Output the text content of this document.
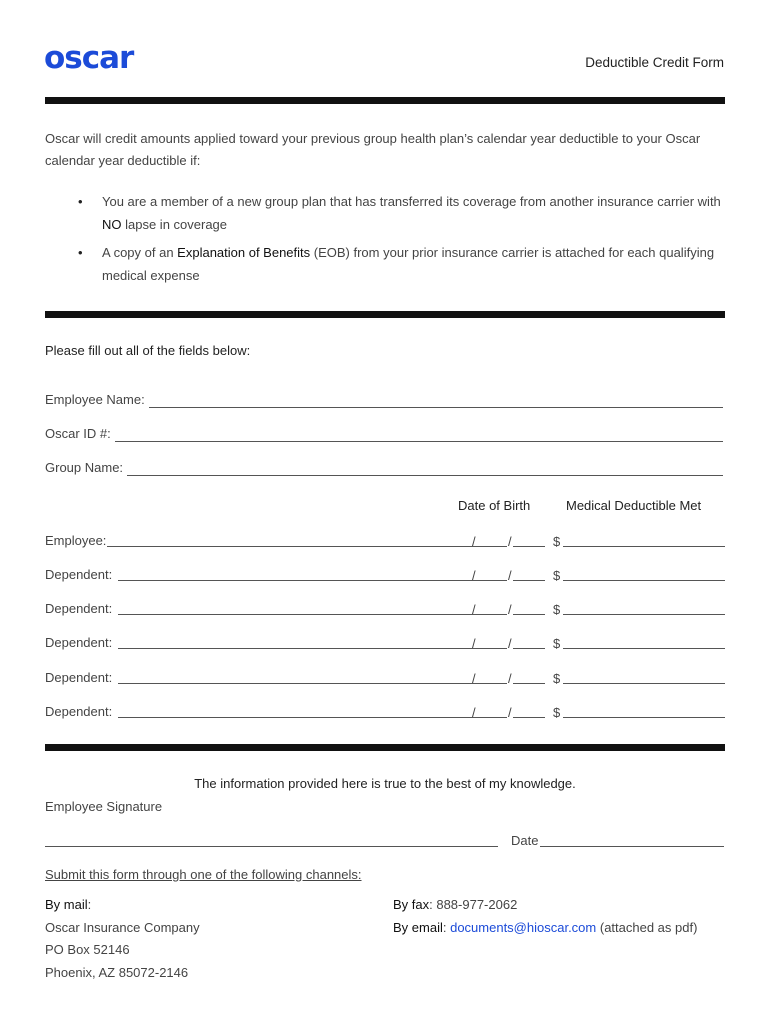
oscar	Deductible Credit Form

Oscar will credit amounts applied toward your previous group health plan’s calendar year deductible to your Oscar calendar year deductible if:

• You are a member of a new group plan that has transferred its coverage from another insurance carrier with NO lapse in coverage
• A copy of an Explanation of Benefits (EOB) from your prior insurance carrier is attached for each qualifying medical expense
Please fill out all of the fields below:
Employee Name:
Oscar ID #:
Group Name:
Date of Birth	Medical Deductible Met
Employee:	/ /	$
Dependent:	/ /	$
Dependent:	/ /	$
Dependent:	/ /	$
Dependent:	/ /	$
Dependent:	/ /	$
The information provided here is true to the best of my knowledge.
Employee Signature
Date
Submit this form through one of the following channels:
By mail:
Oscar Insurance Company
PO Box 52146
Phoenix, AZ 85072-2146
By fax: 888-977-2062
By email: documents@hioscar.com (attached as pdf)
